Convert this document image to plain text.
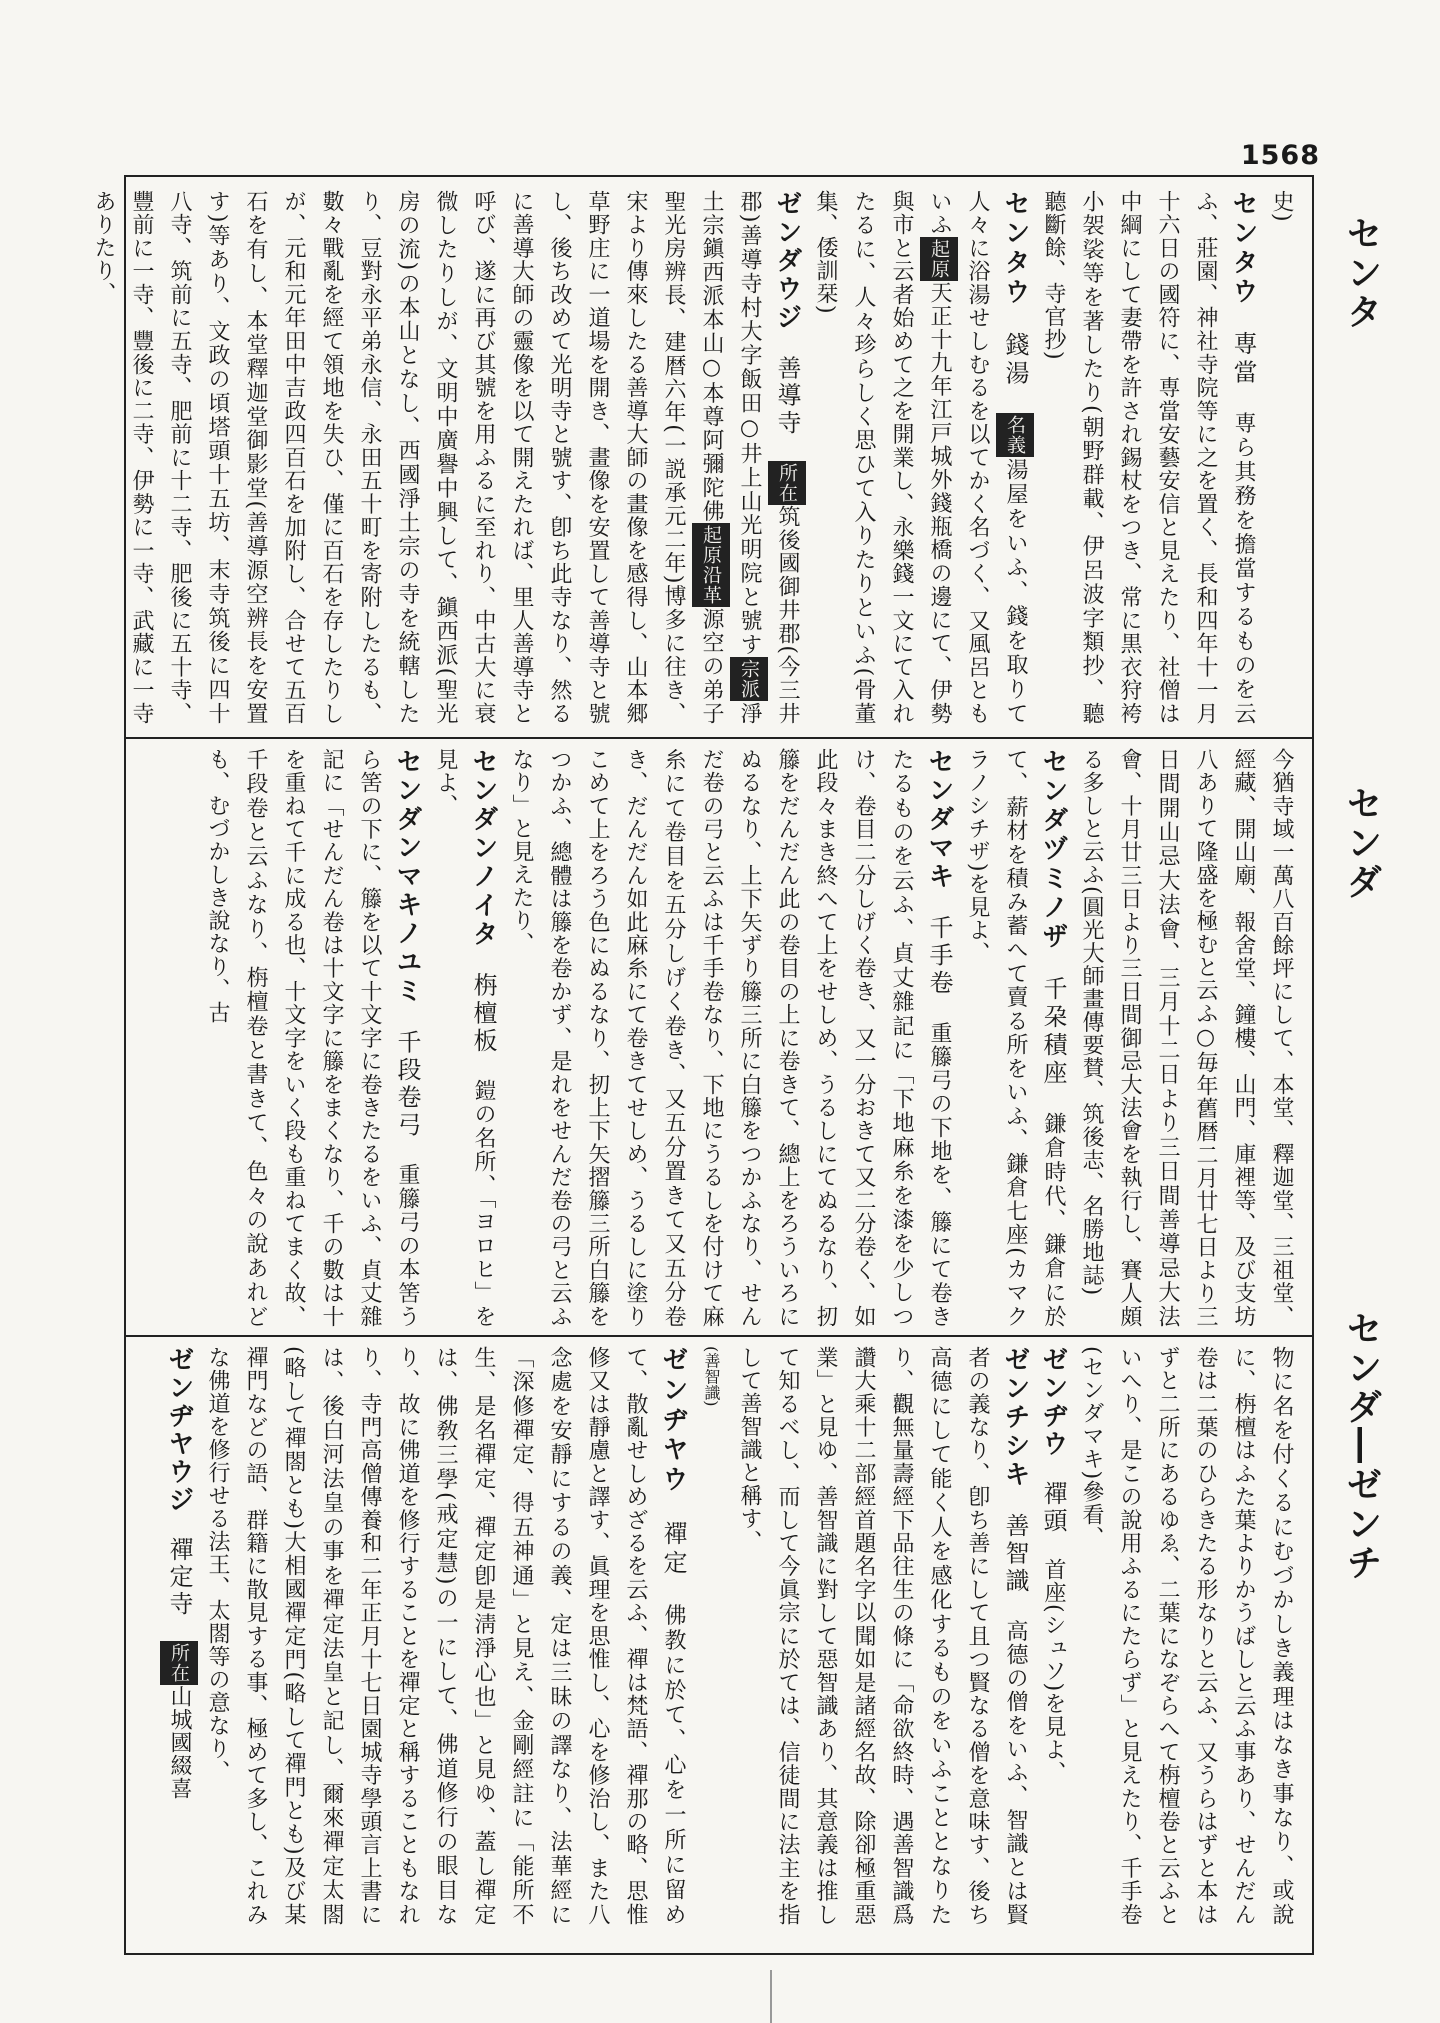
1568
センタ
センダ
センダ―ゼンチ

史)

センタウ　専當　専ら其務を擔當するものを云ふ、莊園、神社寺院等に之を置く、長和四年十一月十六日の國符に、専當安藝安信と見えたり、社僧は中綱にして妻帶を許され錫杖をつき、常に黒衣狩袴小袈裟等を著したり(朝野群載、伊呂波字類抄、聽聽斷餘、寺官抄)

センタウ　錢湯　名義湯屋をいふ、錢を取りて人々に浴湯せしむるを以てかく名づく、又風呂ともいふ起原天正十九年江戸城外錢瓶橋の邊にて、伊勢與市と云者始めて之を開業し、永樂錢一文にて入れたるに、人々珍らしく思ひて入りたりといふ(骨董集、倭訓栞)

ゼンダウジ　善導寺　所在筑後國御井郡(今三井郡)善導寺村大字飯田○井上山光明院と號す宗派淨土宗鎭西派本山○本尊阿彌陀佛起原沿革源空の弟子聖光房辨長、建暦六年(一説承元二年)博多に往き、宋より傳來したる善導大師の畫像を感得し、山本郷草野庄に一道場を開き、畫像を安置して善導寺と號し、後ち改めて光明寺と號す、卽ち此寺なり、然るに善導大師の靈像を以て開えたれば、里人善導寺と呼び、遂に再び其號を用ふるに至れり、中古大に衰微したりしが、文明中廣譽中興して、鎭西派(聖光房の流)の本山となし、西國淨土宗の寺を統轄したり、豆對永平弟永信、永田五十町を寄附したるも、數々戰亂を經て領地を失ひ、僅に百石を存したりしが、元和元年田中吉政四百石を加附し、合せて五百石を有し、本堂釋迦堂御影堂(善導源空辨長を安置す)等あり、文政の頃塔頭十五坊、末寺筑後に四十八寺、筑前に五寺、肥前に十二寺、肥後に五十寺、豐前に一寺、豐後に二寺、伊勢に一寺、武藏に一寺ありたり、

今猶寺域一萬八百餘坪にして、本堂、釋迦堂、三祖堂、經藏、開山廟、報舍堂、鐘樓、山門、庫裡等、及び支坊八ありて隆盛を極むと云ふ○毎年舊暦二月廿七日より三日間開山忌大法會、三月十二日より三日間善導忌大法會、十月廿三日より三日間御忌大法會を執行し、賽人頗る多しと云ふ(圓光大師畫傳要賛、筑後志、名勝地誌)

センダヅミノザ　千朶積座　鎌倉時代、鎌倉に於て、薪材を積み蓄へて賣る所をいふ、鎌倉七座(カマクラノシチザ)を見よ、

センダマキ　千手卷　重籐弓の下地を、籐にて卷きたるものを云ふ、貞丈雜記に「下地麻糸を漆を少しつけ、卷目二分しげく卷き、又一分おきて又二分卷く、如此段々まき終へて上をせしめ、うるしにてぬるなり、扨籐をだんだん此の卷目の上に卷きて、總上をろういろにぬるなり、上下矢ずり籐三所に白籐をつかふなり、せんだ卷の弓と云ふは千手卷なり、下地にうるしを付けて麻糸にて卷目を五分しげく卷き、又五分置きて又五分卷き、だんだん如此麻糸にて卷きてせしめ、うるしに塗りこめて上をろう色にぬるなり、扨上下矢摺籐三所白籐をつかふ、總體は籐を卷かず、是れをせんだ卷の弓と云ふなり」と見えたり、

センダンノイタ　栴檀板　鎧の名所、「ヨロヒ」を見よ、

センダンマキノユミ　千段卷弓　重籐弓の本筈うら筈の下に、籐を以て十文字に卷きたるをいふ、貞丈雜記に「せんだん卷は十文字に籐をまくなり、千の數は十を重ねて千に成る也、十文字をいく段も重ねてまく故、千段卷と云ふなり、栴檀卷と書きて、色々の說あれども、むづかしき說なり、古

物に名を付くるにむづかしき義理はなき事なり、或說に、栴檀はふた葉よりかうばしと云ふ事あり、せんだん卷は二葉のひらきたる形なりと云ふ、又うらはずと本はずと二所にあるゆゑ、二葉になぞらへて栴檀卷と云ふといへり、是この說用ふるにたらず」と見えたり、千手卷(センダマキ)參看、

ゼンヂウ　禪頭　首座(シュソ)を見よ、

ゼンチシキ　善智識　高德の僧をいふ、智識とは賢者の義なり、卽ち善にして且つ賢なる僧を意味す、後ち高德にして能く人を感化するものをいふこととなりたり、觀無量壽經下品往生の條に「命欲終時、遇善智識爲讚大乘十二部經首題名字以聞如是諸經名故、除卻極重惡業」と見ゆ、善智識に對して惡智識あり、其意義は推して知るべし、而して今眞宗に於ては、信徒間に法主を指して善智識と稱す、

(善智識)

ゼンヂヤウ　禪定　佛教に於て、心を一所に留めて、散亂せしめざるを云ふ、禪は梵語、禪那の略、思惟修又は靜慮と譯す、眞理を思惟し、心を修治し、また八念處を安靜にするの義、定は三昧の譯なり、法華經に「深修禪定、得五神通」と見え、金剛經註に「能所不生、是名禪定、禪定卽是淸淨心也」と見ゆ、蓋し禪定は、佛敎三學(戒定慧)の一にして、佛道修行の眼目なり、故に佛道を修行することを禪定と稱することもなれり、寺門高僧傳養和二年正月十七日園城寺學頭言上書には、後白河法皇の事を禪定法皇と記し、爾來禪定太閤(略して禪閤とも)大相國禪定門(略して禪門とも)及び某禪門などの語、群籍に散見する事、極めて多し、これみな佛道を修行せる法王、太閤等の意なり、

ゼンヂヤウジ　禪定寺　所在山城國綴喜
